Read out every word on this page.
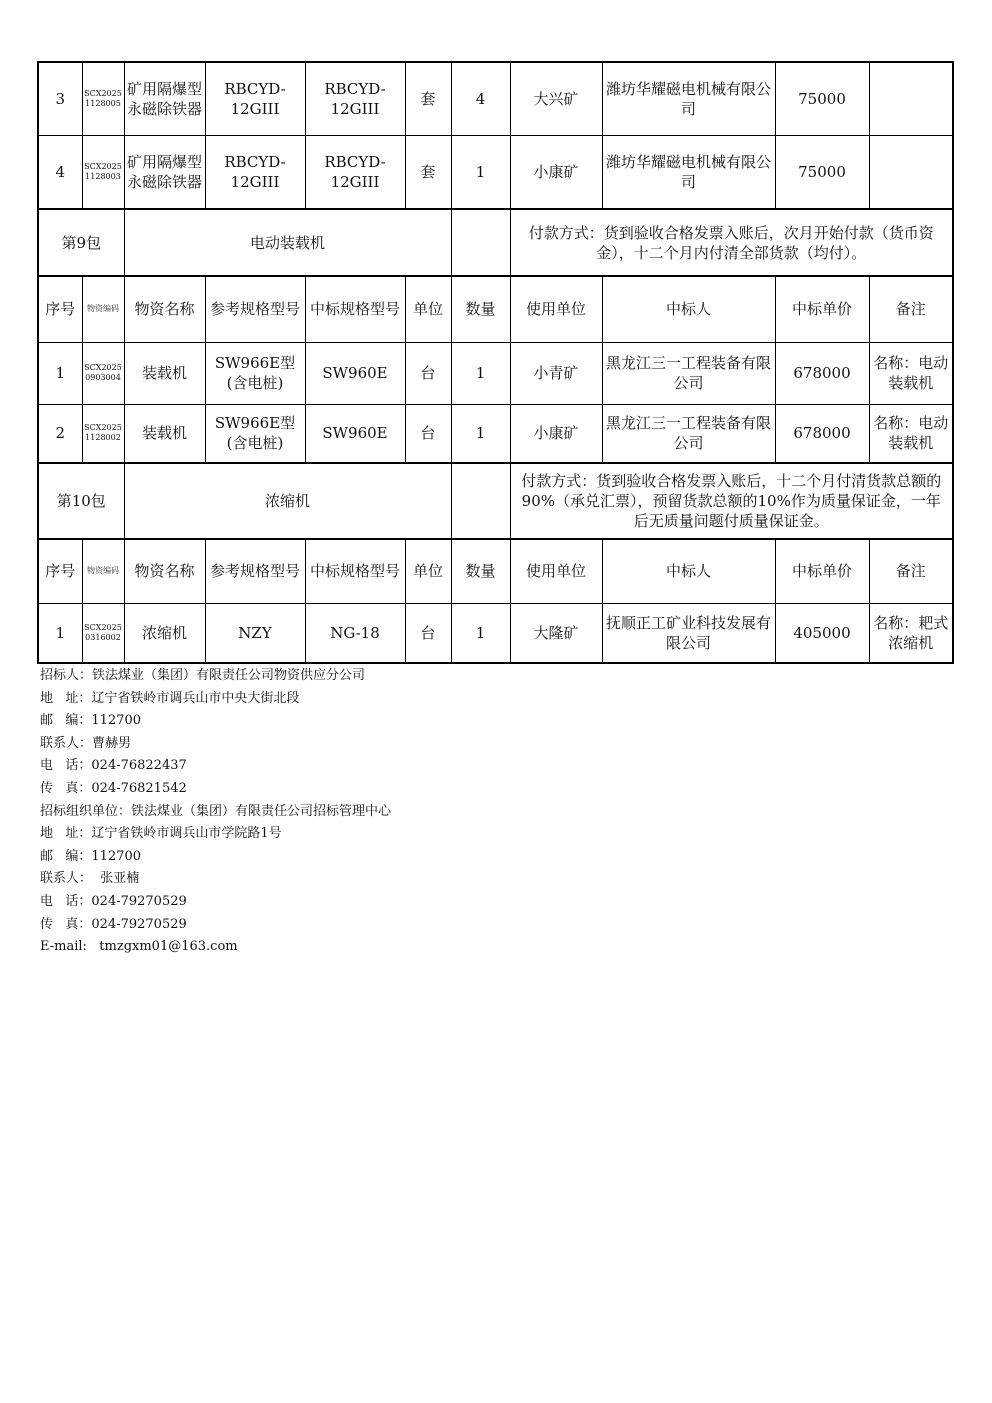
3	SCX2025 1128005	矿用隔爆型永磁除铁器	RBCYD-12GIII	RBCYD-12GIII	套	4	大兴矿	潍坊华耀磁电机械有限公司	75000	
4	SCX2025 1128003	矿用隔爆型永磁除铁器	RBCYD-12GIII	RBCYD-12GIII	套	1	小康矿	潍坊华耀磁电机械有限公司	75000	
第9包		电动装载机					付款方式：货到验收合格发票入账后，次月开始付款（货币资金），十二个月内付清全部货款（均付）。			
序号	物资编码	物资名称	参考规格型号	中标规格型号	单位	数量	使用单位	中标人	中标单价	备注
1	SCX2025 0903004	装载机	SW966E型(含电桩)	SW960E	台	1	小青矿	黑龙江三一工程装备有限公司	678000	名称：电动装载机
2	SCX2025 1128002	装载机	SW966E型(含电桩)	SW960E	台	1	小康矿	黑龙江三一工程装备有限公司	678000	名称：电动装载机
第10包		浓缩机					付款方式：货到验收合格发票入账后，十二个月付清货款总额的90%（承兑汇票），预留货款总额的10%作为质量保证金，一年后无质量问题付质量保证金。			
序号	物资编码	物资名称	参考规格型号	中标规格型号	单位	数量	使用单位	中标人	中标单价	备注
1	SCX2025 0316002	浓缩机	NZY	NG-18	台	1	大隆矿	抚顺正工矿业科技发展有限公司	405000	名称：耙式浓缩机
招标人：铁法煤业（集团）有限责任公司物资供应分公司
地   址：辽宁省铁岭市调兵山市中央大街北段
邮   编：112700
联系人：曹赫男
电   话：024-76822437
传   真：024-76821542
招标组织单位：铁法煤业（集团）有限责任公司招标管理中心
地   址：辽宁省铁岭市调兵山市学院路1号
邮   编：112700
联系人：  张亚楠
电   话：024-79270529
传   真：024-79270529
E-mail:   tmzgxm01@163.com
